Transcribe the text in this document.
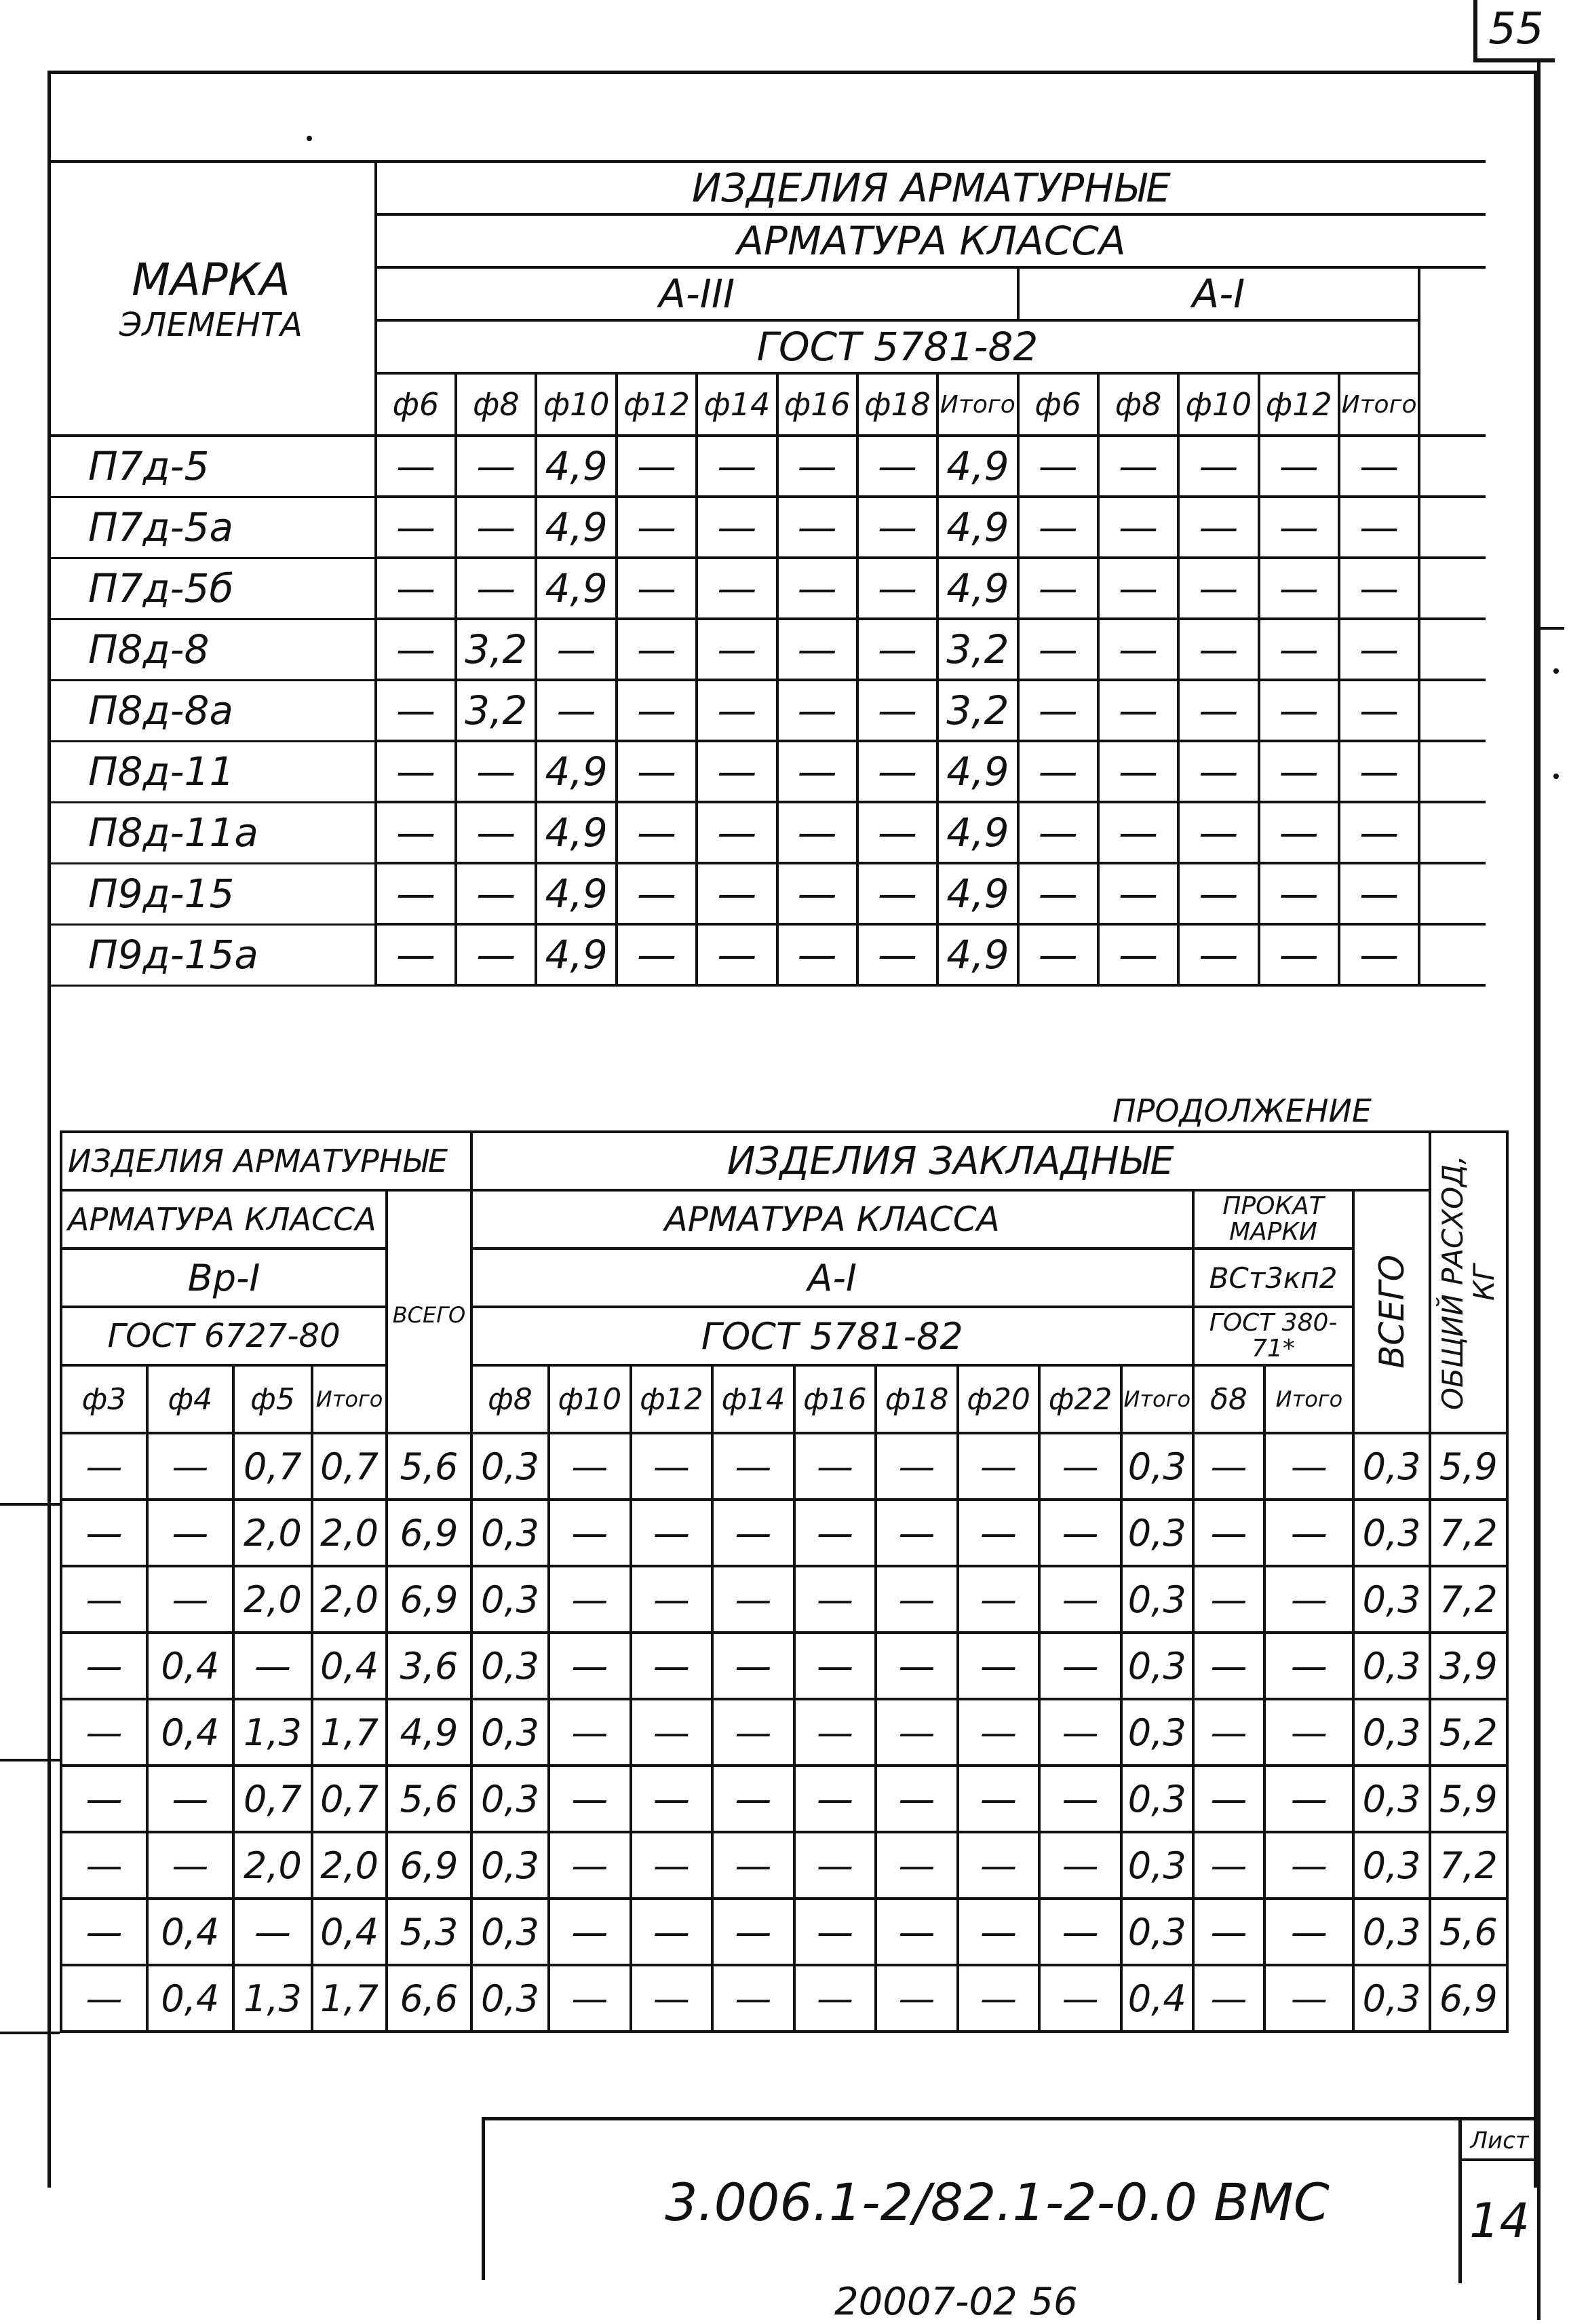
55
МАРКА
ЭЛЕМЕНТА	ИЗДЕЛИЯ АРМАТУРНЫЕ													
	АРМАТУРА КЛАССА													
	А-III								А-I					
	ГОСТ 5781-82													
	ф6	ф8	ф10	ф12	ф14	ф16	ф18	Итого	ф6	ф8	ф10	ф12	Итого	
П7д-5	—	—	4,9	—	—	—	—	4,9	—	—	—	—	—	
П7д-5а	—	—	4,9	—	—	—	—	4,9	—	—	—	—	—	
П7д-5б	—	—	4,9	—	—	—	—	4,9	—	—	—	—	—	
П8д-8	—	3,2	—	—	—	—	—	3,2	—	—	—	—	—	
П8д-8а	—	3,2	—	—	—	—	—	3,2	—	—	—	—	—	
П8д-11	—	—	4,9	—	—	—	—	4,9	—	—	—	—	—	
П8д-11а	—	—	4,9	—	—	—	—	4,9	—	—	—	—	—	
П9д-15	—	—	4,9	—	—	—	—	4,9	—	—	—	—	—	
П9д-15а	—	—	4,9	—	—	—	—	4,9	—	—	—	—	—	
ПРОДОЛЖЕНИЕ
ИЗДЕЛИЯ АРМАТУРНЫЕ					ИЗДЕЛИЯ ЗАКЛАДНЫЕ												ОБЩИЙ РАСХОД, КГ

АРМАТУРА КЛАССА				ВСЕГО	АРМАТУРА КЛАССА									ПРОКАТ МАРКИ		ВСЕГО	

Вр-I					А-I									ВСт3кп2			
ГОСТ 6727-80					ГОСТ 5781-82									ГОСТ 380-71*			
ф3	ф4	ф5	Итого		ф8	ф10	ф12	ф14	ф16	ф18	ф20	ф22	Итого	δ8	Итого		
—	—	0,7	0,7	5,6	0,3	—	—	—	—	—	—	—	0,3	—	—	0,3	5,9
—	—	2,0	2,0	6,9	0,3	—	—	—	—	—	—	—	0,3	—	—	0,3	7,2
—	—	2,0	2,0	6,9	0,3	—	—	—	—	—	—	—	0,3	—	—	0,3	7,2
—	0,4	—	0,4	3,6	0,3	—	—	—	—	—	—	—	0,3	—	—	0,3	3,9
—	0,4	1,3	1,7	4,9	0,3	—	—	—	—	—	—	—	0,3	—	—	0,3	5,2
—	—	0,7	0,7	5,6	0,3	—	—	—	—	—	—	—	0,3	—	—	0,3	5,9
—	—	2,0	2,0	6,9	0,3	—	—	—	—	—	—	—	0,3	—	—	0,3	7,2
—	0,4	—	0,4	5,3	0,3	—	—	—	—	—	—	—	0,3	—	—	0,3	5,6
—	0,4	1,3	1,7	6,6	0,3	—	—	—	—	—	—	—	0,4	—	—	0,3	6,9
3.006.1-2/82.1-2-0.0 ВМС
Лист
14
20007-02 56
